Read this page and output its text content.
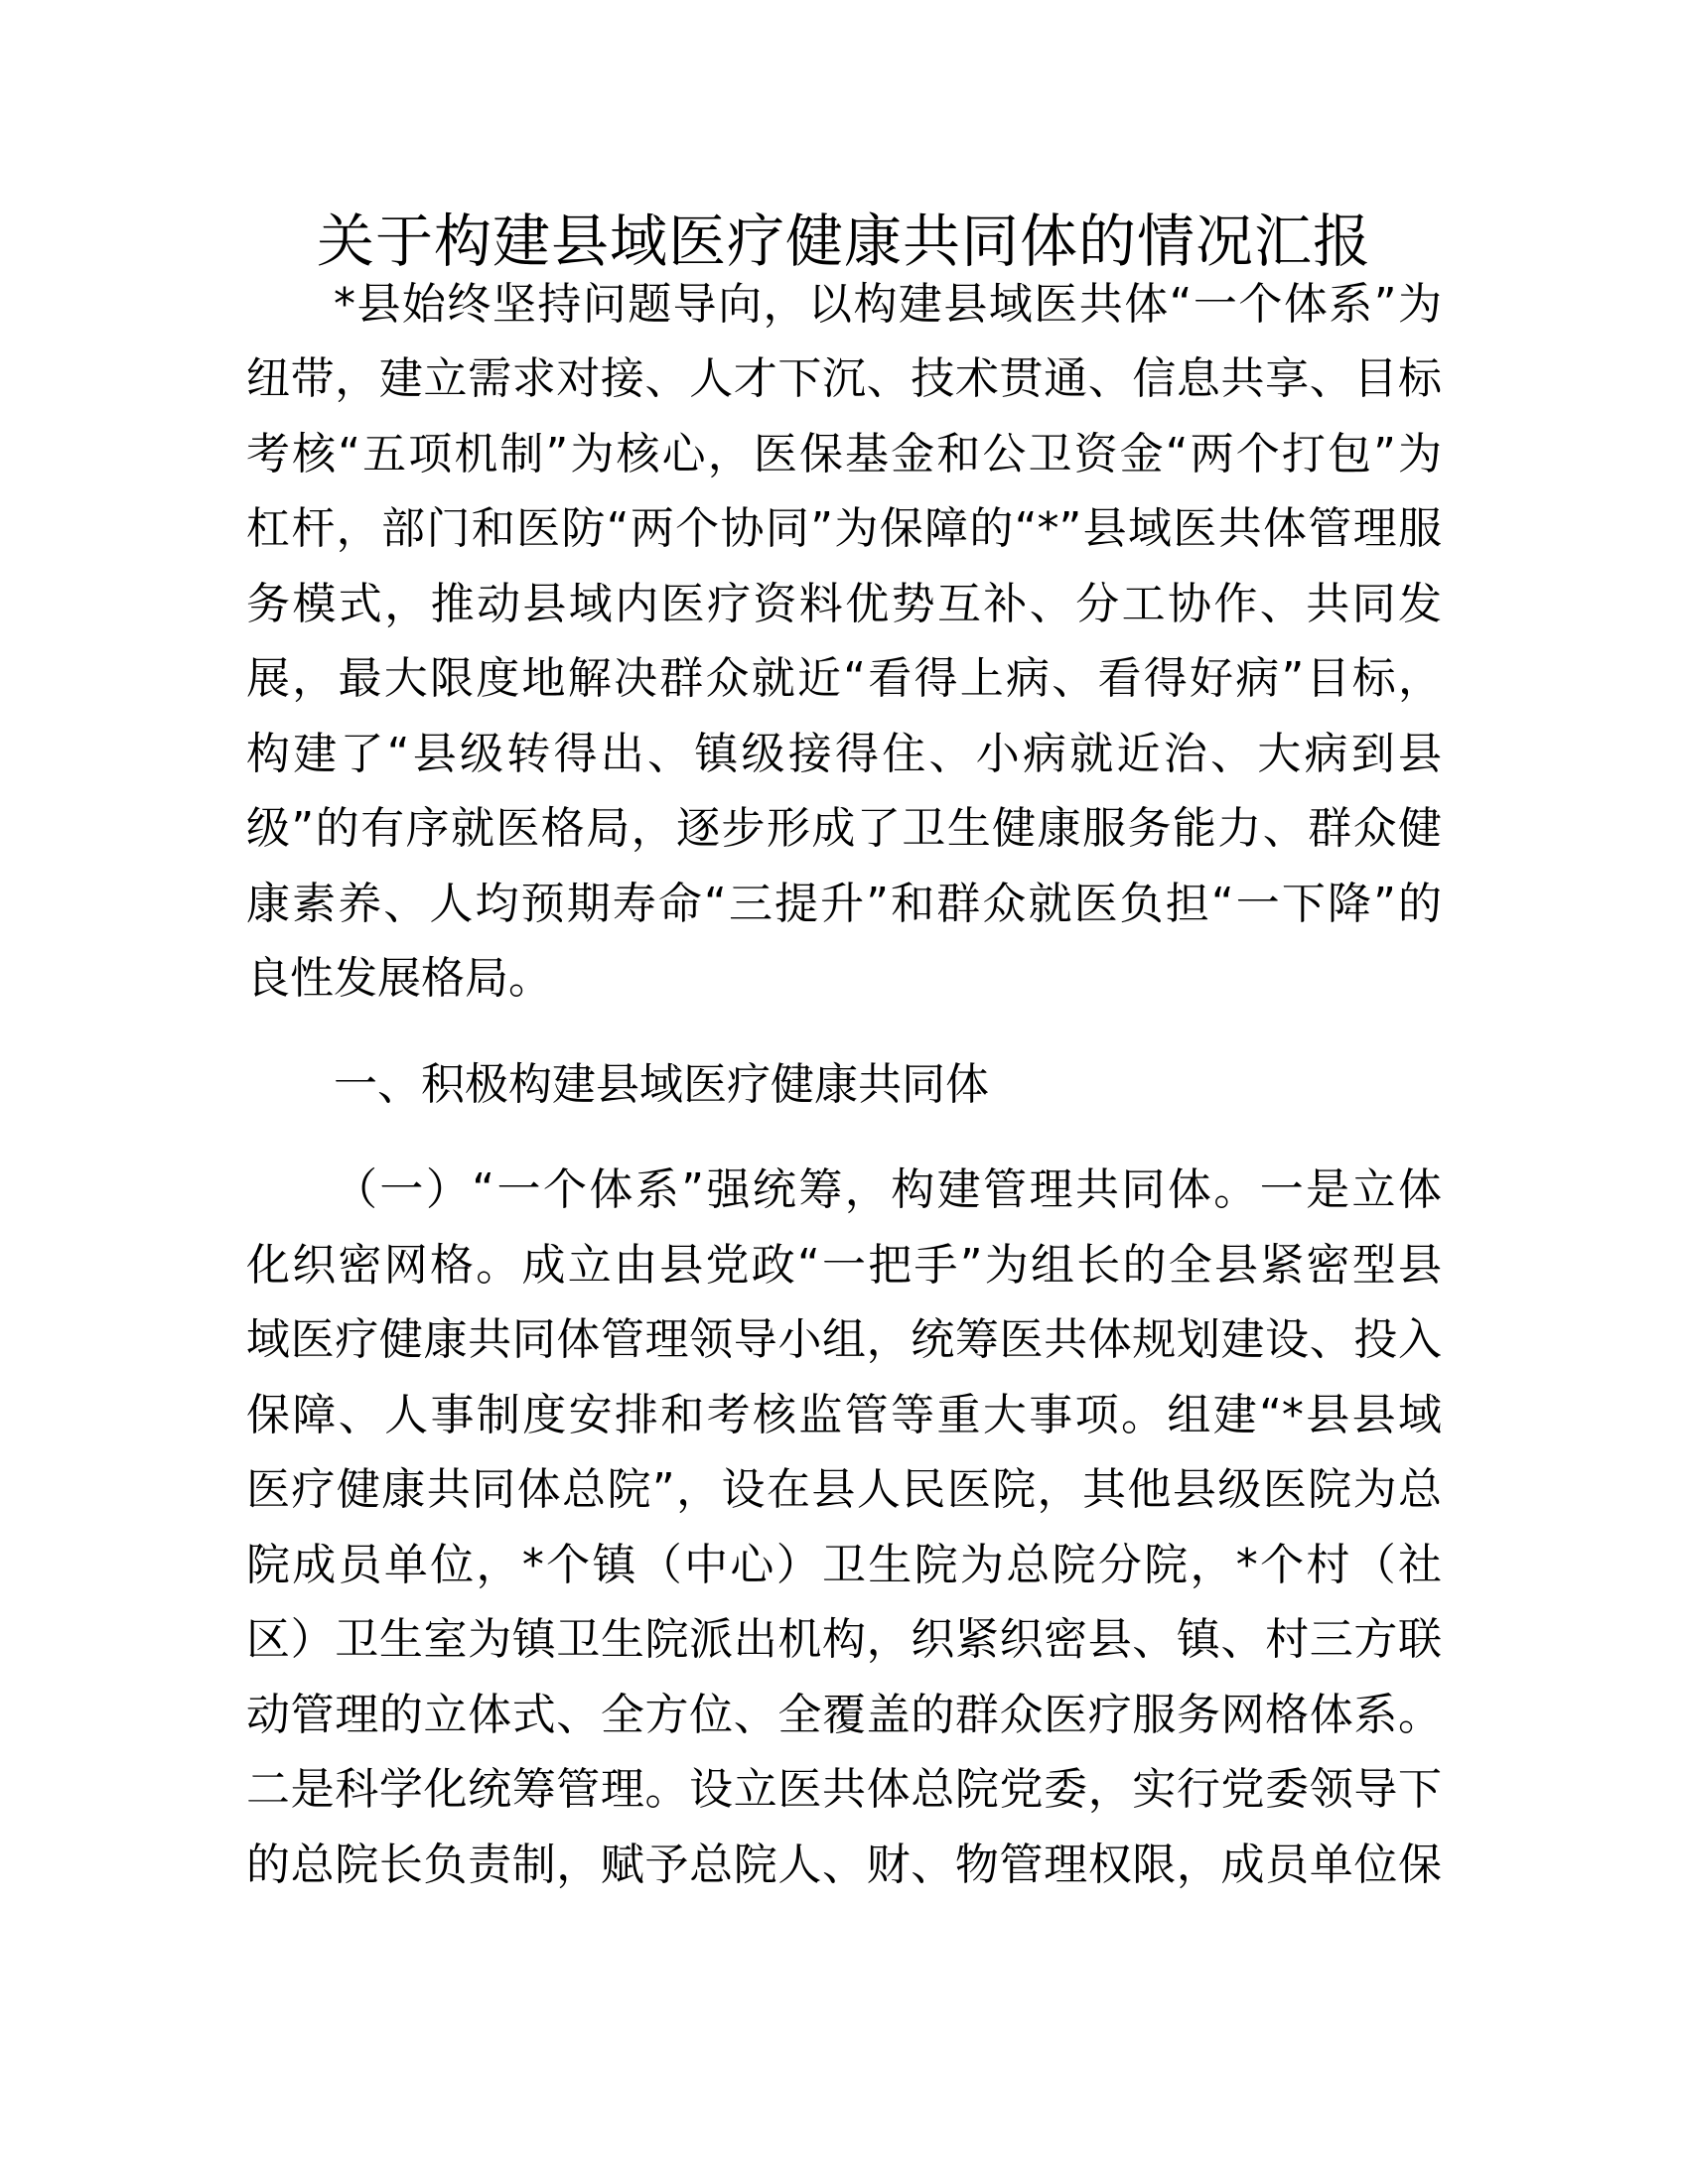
关于构建县域医疗健康共同体的情况汇报

*县始终坚持问题导向，以构建县域医共体“一个体系”为

纽带，建立需求对接、人才下沉、技术贯通、信息共享、目标

考核“五项机制”为核心，医保基金和公卫资金“两个打包”为

杠杆，部门和医防“两个协同”为保障的“*”县域医共体管理服

务模式，推动县域内医疗资料优势互补、分工协作、共同发

展，最大限度地解决群众就近“看得上病、看得好病”目标，

构建了“县级转得出、镇级接得住、小病就近治、大病到县

级”的有序就医格局，逐步形成了卫生健康服务能力、群众健

康素养、人均预期寿命“三提升”和群众就医负担“一下降”的

良性发展格局。

一、积极构建县域医疗健康共同体

（一）“一个体系”强统筹，构建管理共同体。一是立体

化织密网格。成立由县党政“一把手”为组长的全县紧密型县

域医疗健康共同体管理领导小组，统筹医共体规划建设、投入

保障、人事制度安排和考核监管等重大事项。组建“*县县域

医疗健康共同体总院”，设在县人民医院，其他县级医院为总

院成员单位，*个镇（中心）卫生院为总院分院，*个村（社

区）卫生室为镇卫生院派出机构，织紧织密县、镇、村三方联

动管理的立体式、全方位、全覆盖的群众医疗服务网格体系。

二是科学化统筹管理。设立医共体总院党委，实行党委领导下

的总院长负责制，赋予总院人、财、物管理权限，成员单位保
